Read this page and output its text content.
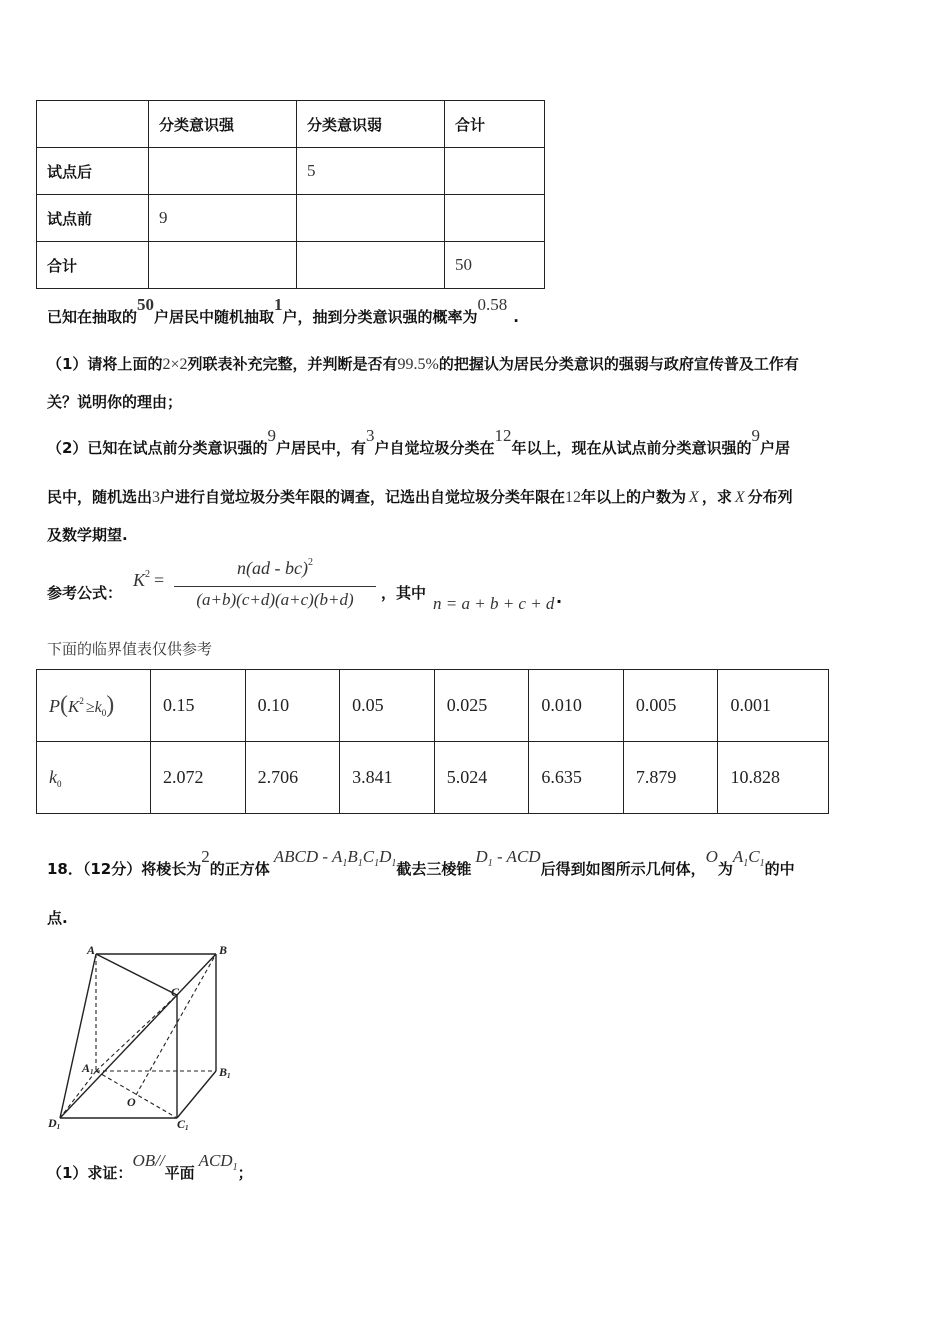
	分类意识强	分类意识弱	合计
试点后		5	
试点前	9		
合计			50
已知在抽取的50户居民中随机抽取1户，抽到分类意识强的概率为0.58.
（1）请将上面的2×2列联表补充完整，并判断是否有99.5%的把握认为居民分类意识的强弱与政府宣传普及工作有
关？说明你的理由；
（2）已知在试点前分类意识强的9户居民中，有3户自觉垃圾分类在12年以上，现在从试点前分类意识强的9户居
民中，随机选出3户进行自觉垃圾分类年限的调查，记选出自觉垃圾分类年限在12年以上的户数为 X ，求 X 分布列
及数学期望.
参考公式：
$K^2$ =
n(ad - bc)$^2$
(a+b)(c+d)(a+c)(b+d)	，其中
n = a + b + c + d .
下面的临界值表仅供参考
$P(K^2 \ge k_0)$	0.15	0.10	0.05	0.025	0.010	0.005	0.001
$k_0$	2.072	2.706	3.841	5.024	6.635	7.879	10.828
18．（12分）将棱长为2的正方体ABCD - $A_1B_1C_1D_1$截去三棱锥$D_1$ - ACD后得到如图所示几何体，O为$A_1C_1$的中
点.
A	B
C
A1	B1
D1	C1
O
（1）求证：OB//平面$ACD_1$；
